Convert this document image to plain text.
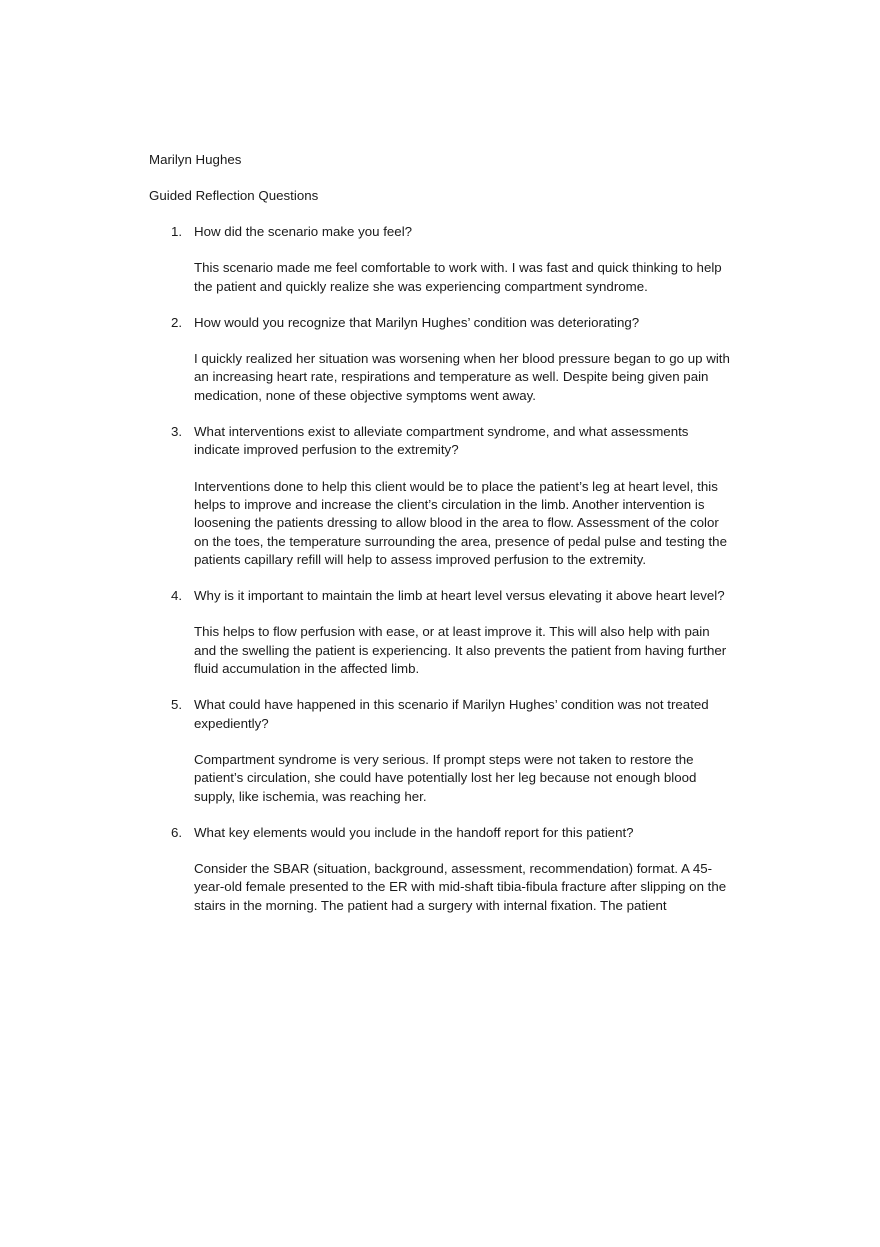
Marilyn Hughes

Guided Reflection Questions

1. How did the scenario make you feel?

This scenario made me feel comfortable to work with. I was fast and quick thinking to help the patient and quickly realize she was experiencing compartment syndrome.

2. How would you recognize that Marilyn Hughes’ condition was deteriorating?

I quickly realized her situation was worsening when her blood pressure began to go up with an increasing heart rate, respirations and temperature as well. Despite being given pain medication, none of these objective symptoms went away.

3. What interventions exist to alleviate compartment syndrome, and what assessments indicate improved perfusion to the extremity?

Interventions done to help this client would be to place the patient’s leg at heart level, this helps to improve and increase the client’s circulation in the limb. Another intervention is loosening the patients dressing to allow blood in the area to flow. Assessment of the color on the toes, the temperature surrounding the area, presence of pedal pulse and testing the patients capillary refill will help to assess improved perfusion to the extremity.

4. Why is it important to maintain the limb at heart level versus elevating it above heart level?

This helps to flow perfusion with ease, or at least improve it. This will also help with pain and the swelling the patient is experiencing. It also prevents the patient from having further fluid accumulation in the affected limb.

5. What could have happened in this scenario if Marilyn Hughes’ condition was not treated expediently?

Compartment syndrome is very serious. If prompt steps were not taken to restore the patient’s circulation, she could have potentially lost her leg because not enough blood supply, like ischemia, was reaching her.

6. What key elements would you include in the handoff report for this patient?

Consider the SBAR (situation, background, assessment, recommendation) format. A 45-year-old female presented to the ER with mid-shaft tibia-fibula fracture after slipping on the stairs in the morning. The patient had a surgery with internal fixation. The patient
